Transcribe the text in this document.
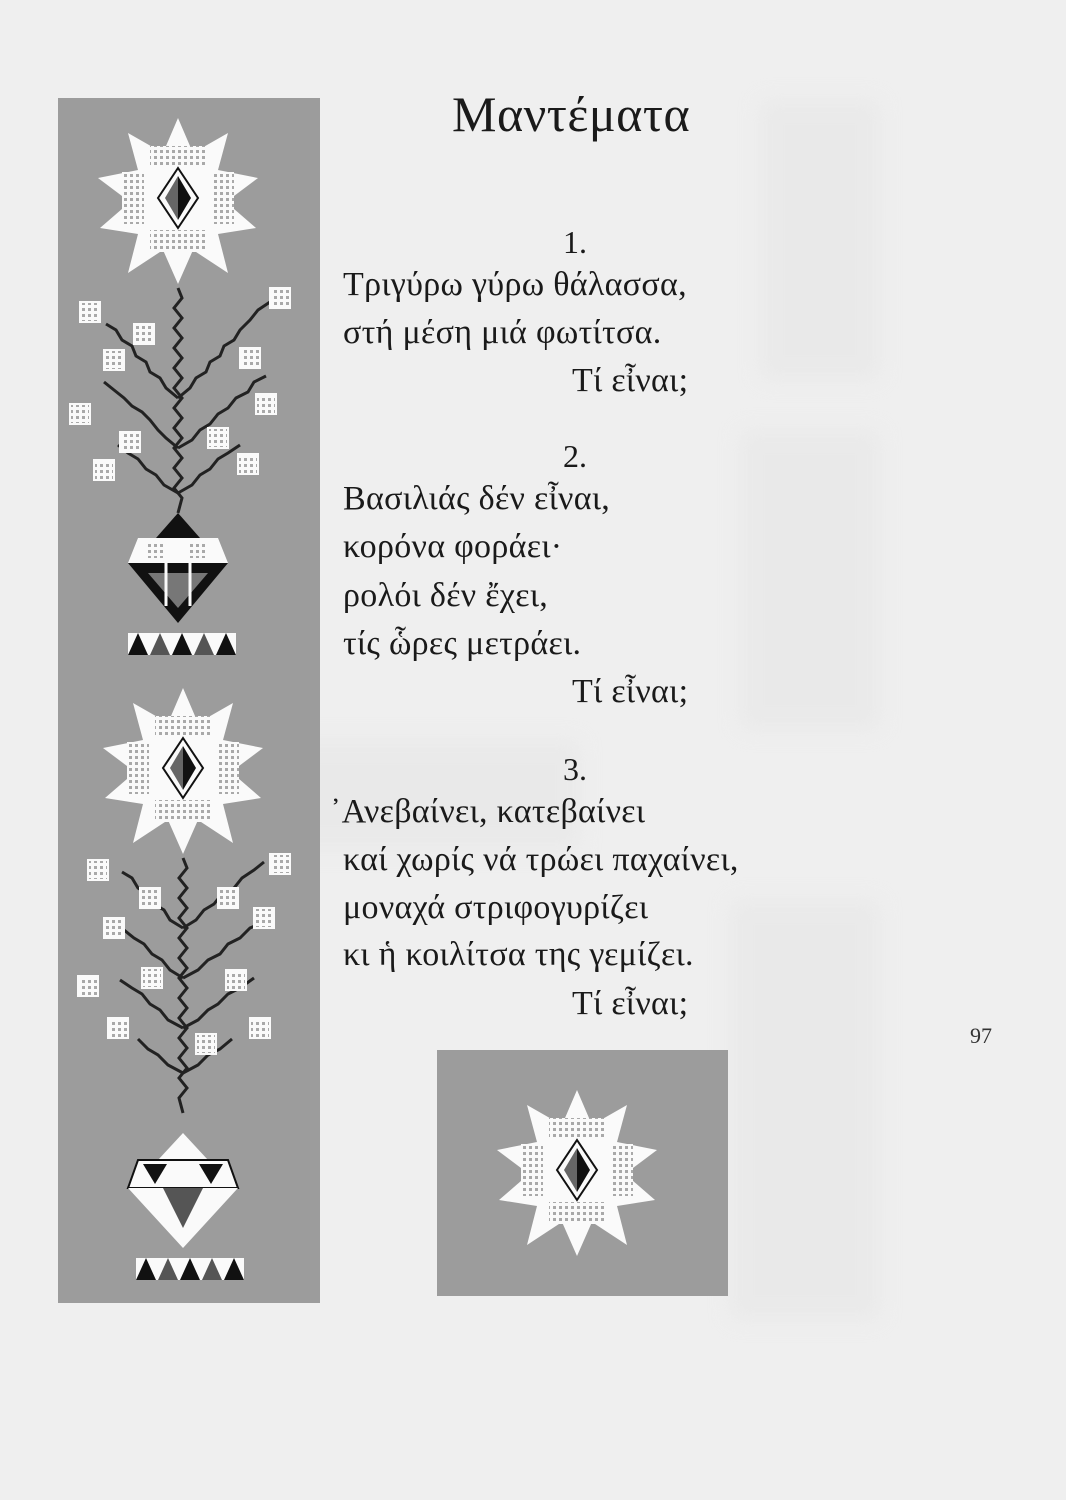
Μαντέματα
1.
Τριγύρω γύρω θάλασσα,
στή μέση μιά φωτίτσα.
Τί εἶναι;
2.
Βασιλιάς δέν εἶναι,
κορόνα φοράει·
ρολόι δέν ἔχει,
τίς ὧρες μετράει.
Τί εἶναι;
3.
᾿Ανεβαίνει, κατεβαίνει
καί χωρίς νά τρώει παχαίνει,
μοναχά στριφογυρίζει
κι ἡ κοιλίτσα της γεμίζει.
Τί εἶναι;
97
